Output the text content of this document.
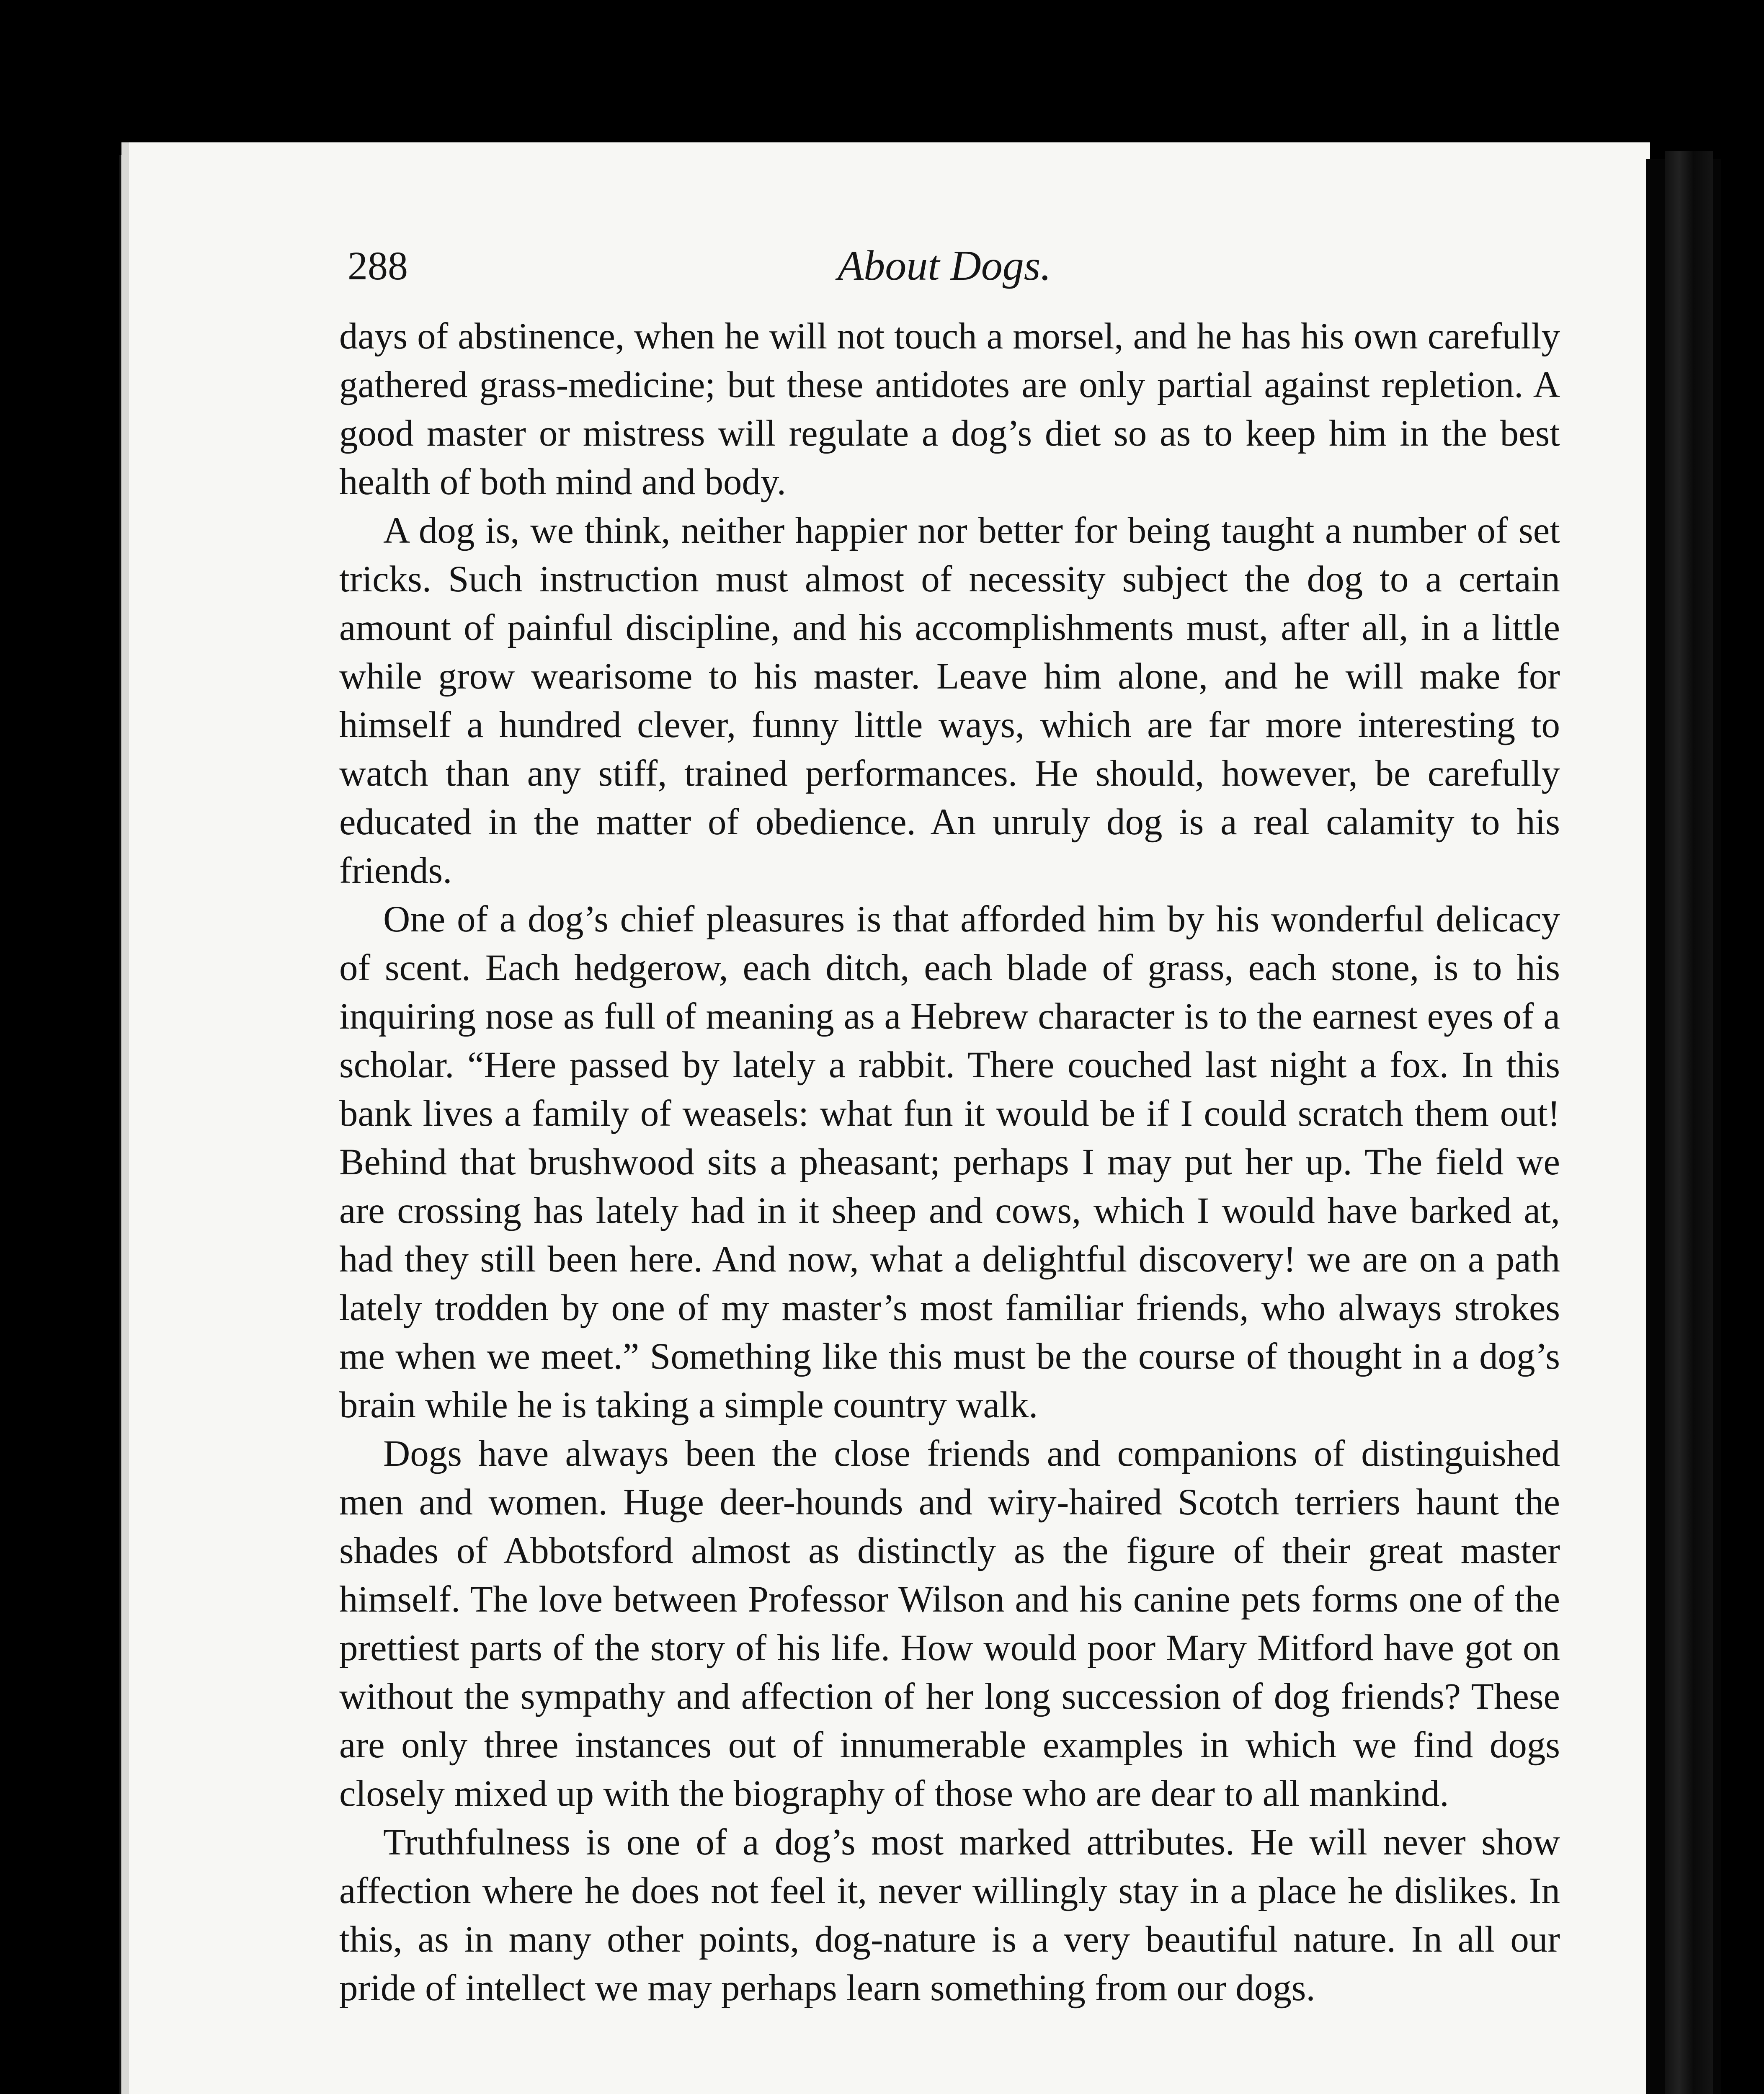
288	About Dogs.

days of abstinence, when he will not touch a morsel, and he has his own carefully gathered grass-medicine; but these antidotes are only partial against repletion. A good master or mistress will regulate a dog’s diet so as to keep him in the best health of both mind and body.

A dog is, we think, neither happier nor better for being taught a number of set tricks. Such instruction must almost of necessity subject the dog to a certain amount of painful discipline, and his accomplishments must, after all, in a little while grow wearisome to his master. Leave him alone, and he will make for himself a hundred clever, funny little ways, which are far more interesting to watch than any stiff, trained performances. He should, however, be carefully educated in the matter of obedience. An unruly dog is a real calamity to his friends.

One of a dog’s chief pleasures is that afforded him by his wonderful delicacy of scent. Each hedgerow, each ditch, each blade of grass, each stone, is to his inquiring nose as full of meaning as a Hebrew character is to the earnest eyes of a scholar. “Here passed by lately a rabbit. There couched last night a fox. In this bank lives a family of weasels: what fun it would be if I could scratch them out! Behind that brushwood sits a pheasant; perhaps I may put her up. The field we are crossing has lately had in it sheep and cows, which I would have barked at, had they still been here. And now, what a delightful discovery! we are on a path lately trodden by one of my master’s most familiar friends, who always strokes me when we meet.” Something like this must be the course of thought in a dog’s brain while he is taking a simple country walk.

Dogs have always been the close friends and companions of distinguished men and women. Huge deer-hounds and wiry-haired Scotch terriers haunt the shades of Abbotsford almost as distinctly as the figure of their great master himself. The love between Professor Wilson and his canine pets forms one of the prettiest parts of the story of his life. How would poor Mary Mitford have got on without the sympathy and affection of her long succession of dog friends? These are only three instances out of innumerable examples in which we find dogs closely mixed up with the biography of those who are dear to all mankind.

Truthfulness is one of a dog’s most marked attributes. He will never show affection where he does not feel it, never willingly stay in a place he dislikes. In this, as in many other points, dog-nature is a very beautiful nature. In all our pride of intellect we may perhaps learn something from our dogs.
